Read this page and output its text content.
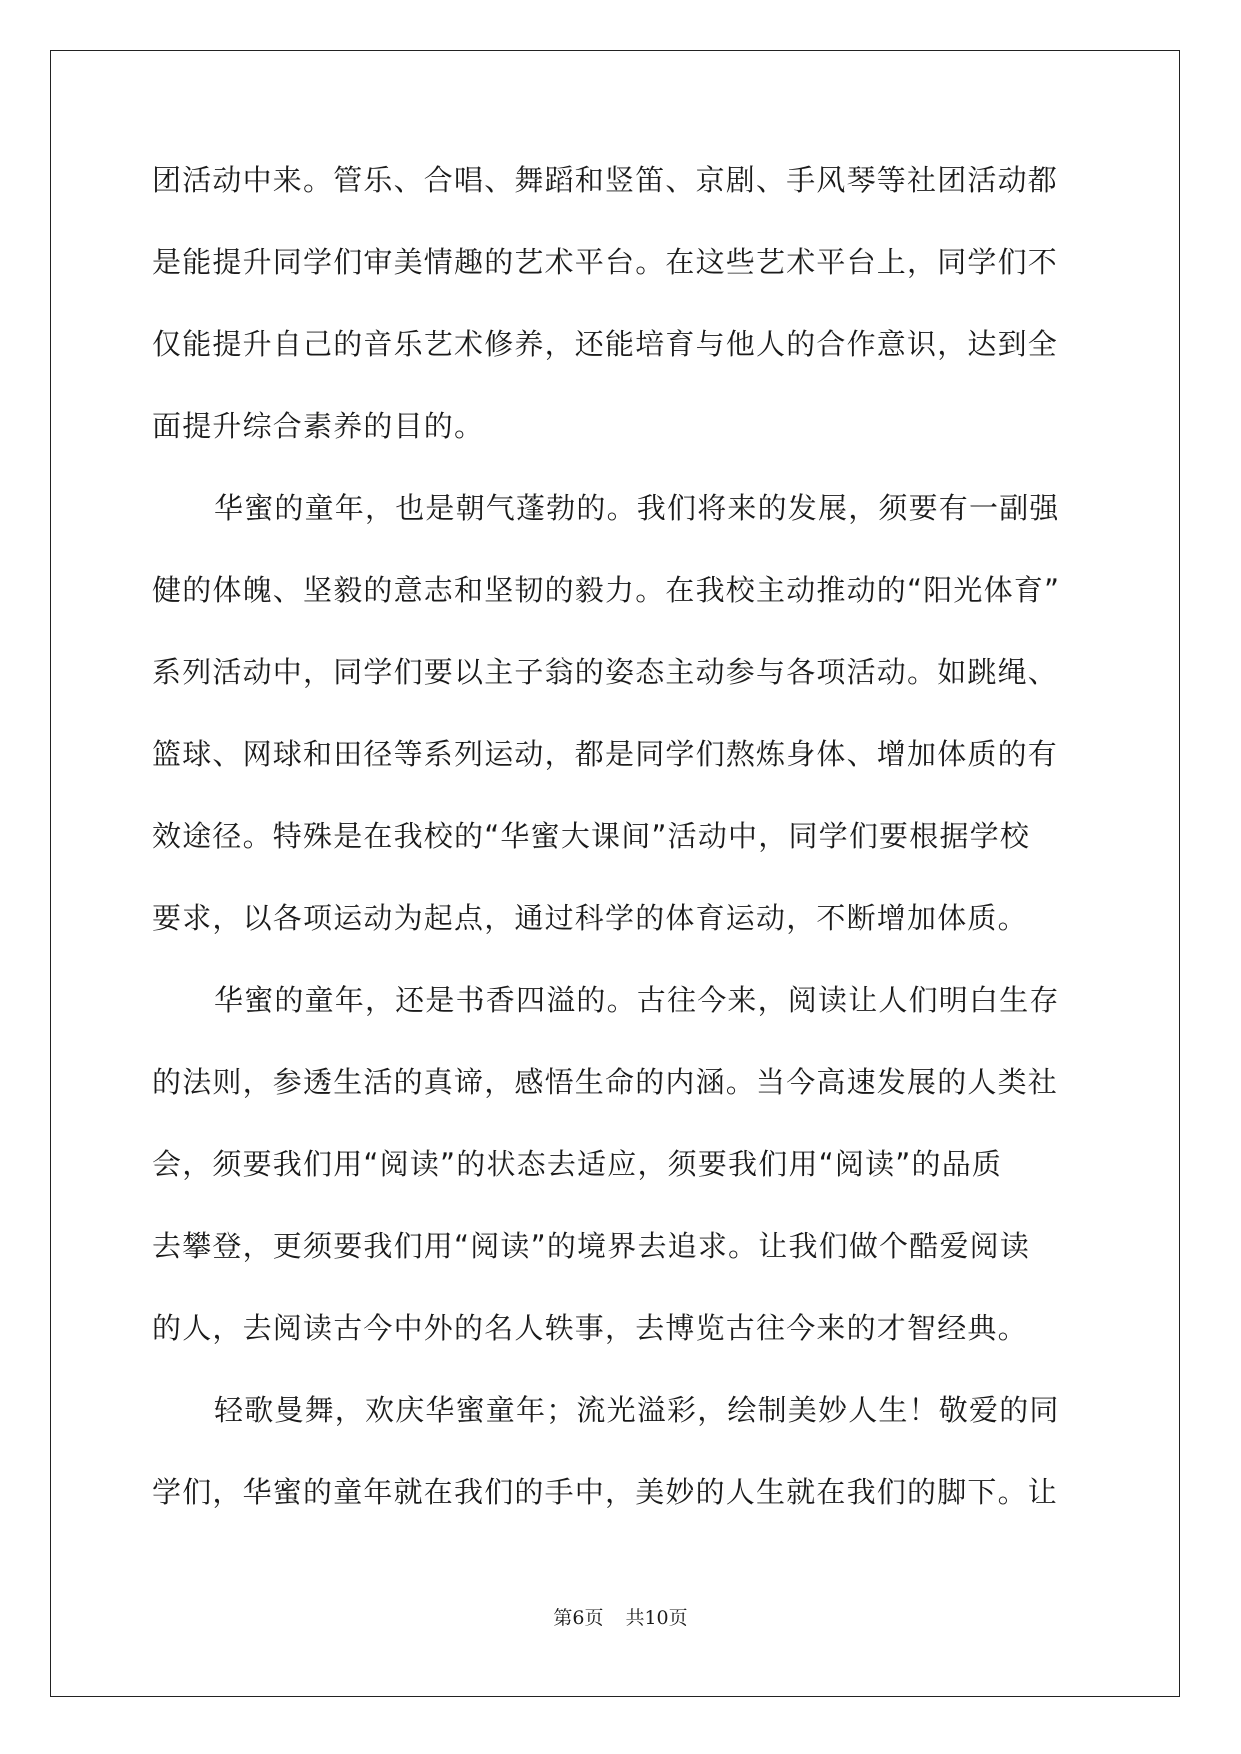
团活动中来。管乐、合唱、舞蹈和竖笛、京剧、手风琴等社团活动都
是能提升同学们审美情趣的艺术平台。在这些艺术平台上，同学们不
仅能提升自己的音乐艺术修养，还能培育与他人的合作意识，达到全
面提升综合素养的目的。
华蜜的童年，也是朝气蓬勃的。我们将来的发展，须要有一副强
健的体魄、坚毅的意志和坚韧的毅力。在我校主动推动的“阳光体育”
系列活动中，同学们要以主子翁的姿态主动参与各项活动。如跳绳、
篮球、网球和田径等系列运动，都是同学们熬炼身体、增加体质的有
效途径。特殊是在我校的“华蜜大课间”活动中，同学们要根据学校
要求，以各项运动为起点，通过科学的体育运动，不断增加体质。
华蜜的童年，还是书香四溢的。古往今来，阅读让人们明白生存
的法则，参透生活的真谛，感悟生命的内涵。当今高速发展的人类社
会，须要我们用“阅读”的状态去适应，须要我们用“阅读”的品质
去攀登，更须要我们用“阅读”的境界去追求。让我们做个酷爱阅读
的人，去阅读古今中外的名人轶事，去博览古往今来的才智经典。
轻歌曼舞，欢庆华蜜童年；流光溢彩，绘制美妙人生！敬爱的同
学们，华蜜的童年就在我们的手中，美妙的人生就在我们的脚下。让
第6页 共10页
